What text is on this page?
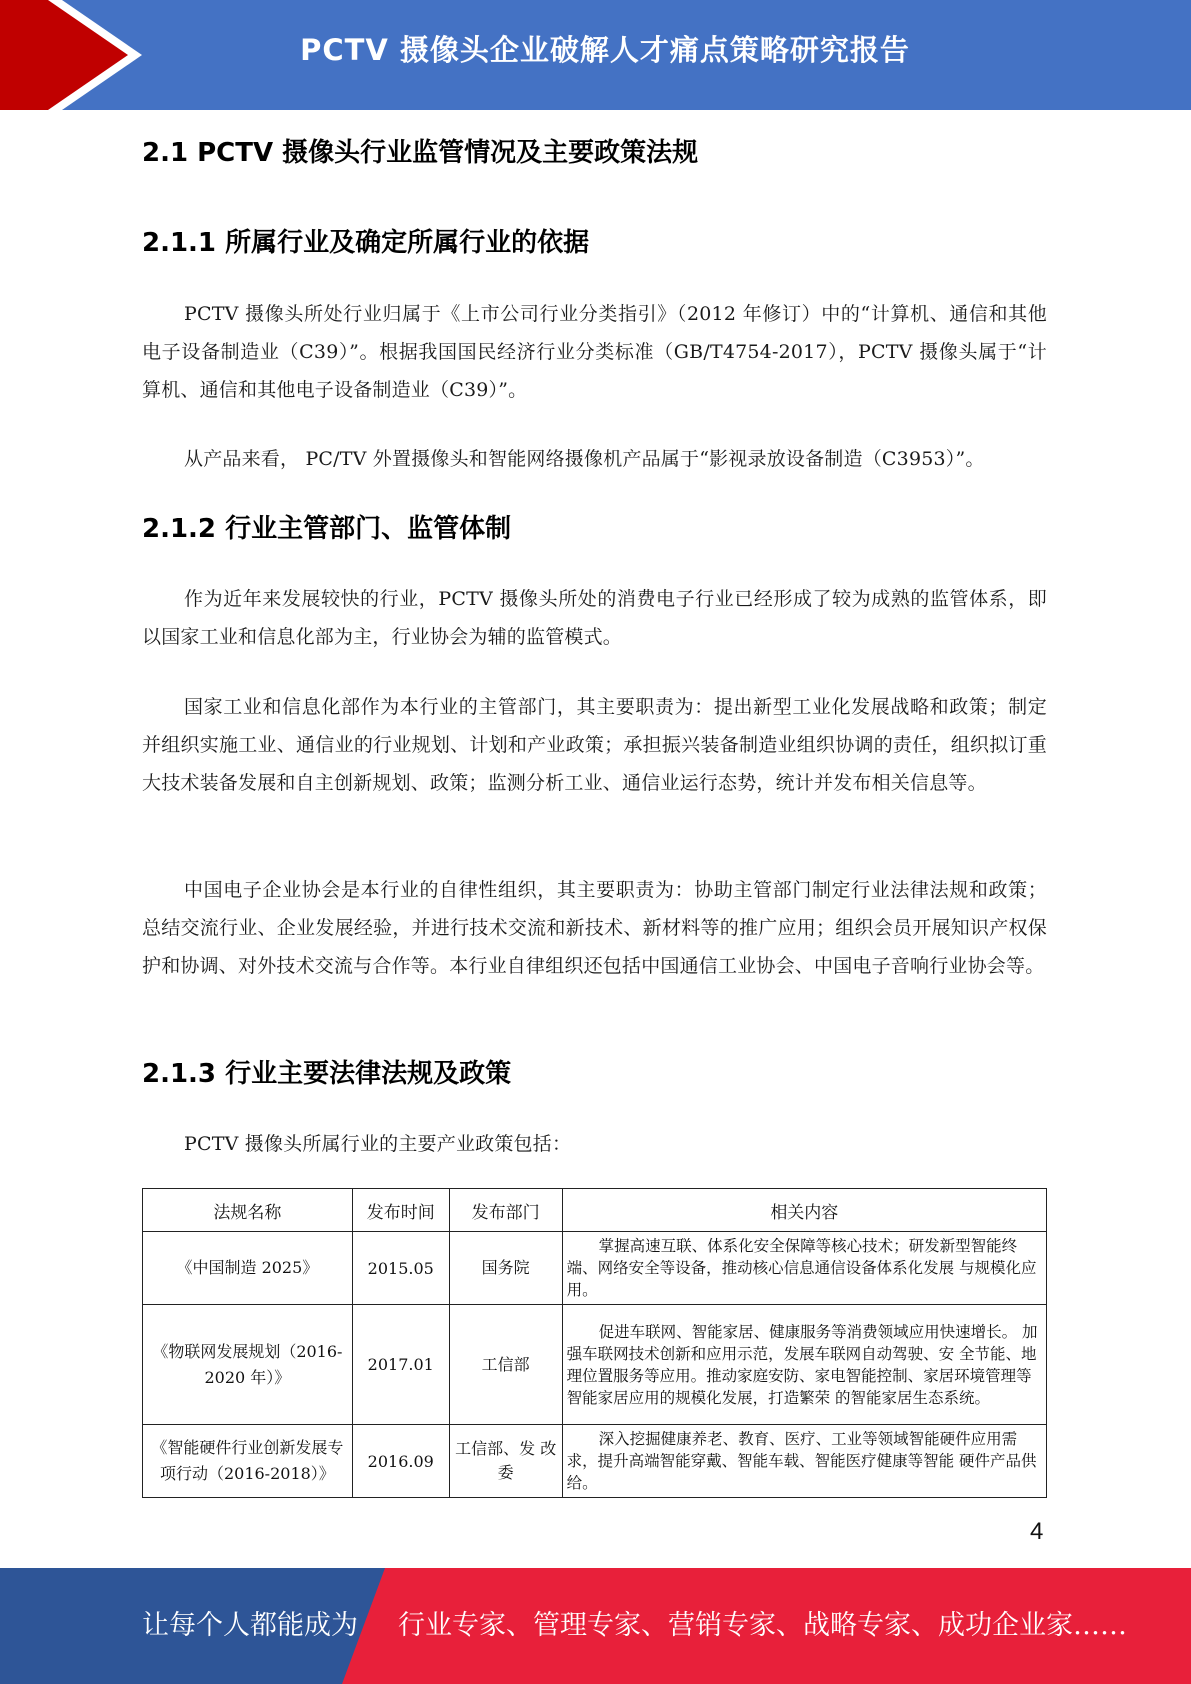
PCTV 摄像头企业破解人才痛点策略研究报告
2.1 PCTV 摄像头行业监管情况及主要政策法规
2.1.1 所属行业及确定所属行业的依据

PCTV 摄像头所处行业归属于《上市公司行业分类指引》（2012 年修订）中的“计算机、通信和其他电子设备制造业（C39）”。根据我国国民经济行业分类标准（GB/T4754-2017），PCTV 摄像头属于“计算机、通信和其他电子设备制造业（C39）”。

从产品来看， PC/TV 外置摄像头和智能网络摄像机产品属于“影视录放设备制造（C3953）”。

2.1.2 行业主管部门、监管体制

作为近年来发展较快的行业，PCTV 摄像头所处的消费电子行业已经形成了较为成熟的监管体系，即以国家工业和信息化部为主，行业协会为辅的监管模式。

国家工业和信息化部作为本行业的主管部门，其主要职责为：提出新型工业化发展战略和政策；制定并组织实施工业、通信业的行业规划、计划和产业政策；承担振兴装备制造业组织协调的责任，组织拟订重大技术装备发展和自主创新规划、政策；监测分析工业、通信业运行态势，统计并发布相关信息等。

中国电子企业协会是本行业的自律性组织，其主要职责为：协助主管部门制定行业法律法规和政策；总结交流行业、企业发展经验，并进行技术交流和新技术、新材料等的推广应用；组织会员开展知识产权保护和协调、对外技术交流与合作等。本行业自律组织还包括中国通信工业协会、中国电子音响行业协会等。

2.1.3 行业主要法律法规及政策

PCTV 摄像头所属行业的主要产业政策包括：

法规名称	发布时间	发布部门	相关内容
《中国制造 2025》	2015.05	国务院	掌握高速互联、体系化安全保障等核心技术；研发新型智能终端、网络安全等设备，推动核心信息通信设备体系化发展 与规模化应用。
《物联网发展规划（2016-2020 年）》	2017.01	工信部	促进车联网、智能家居、健康服务等消费领域应用快速增长。 加强车联网技术创新和应用示范，发展车联网自动驾驶、安 全节能、地理位置服务等应用。推动家庭安防、家电智能控制、家居环境管理等智能家居应用的规模化发展，打造繁荣 的智能家居生态系统。
《智能硬件行业创新发展专项行动（2016-2018）》	2016.09	工信部、发 改委	深入挖掘健康养老、教育、医疗、工业等领域智能硬件应用需求，提升高端智能穿戴、智能车载、智能医疗健康等智能 硬件产品供给。
4
让每个人都能成为 行业专家、管理专家、营销专家、战略专家、成功企业家……
